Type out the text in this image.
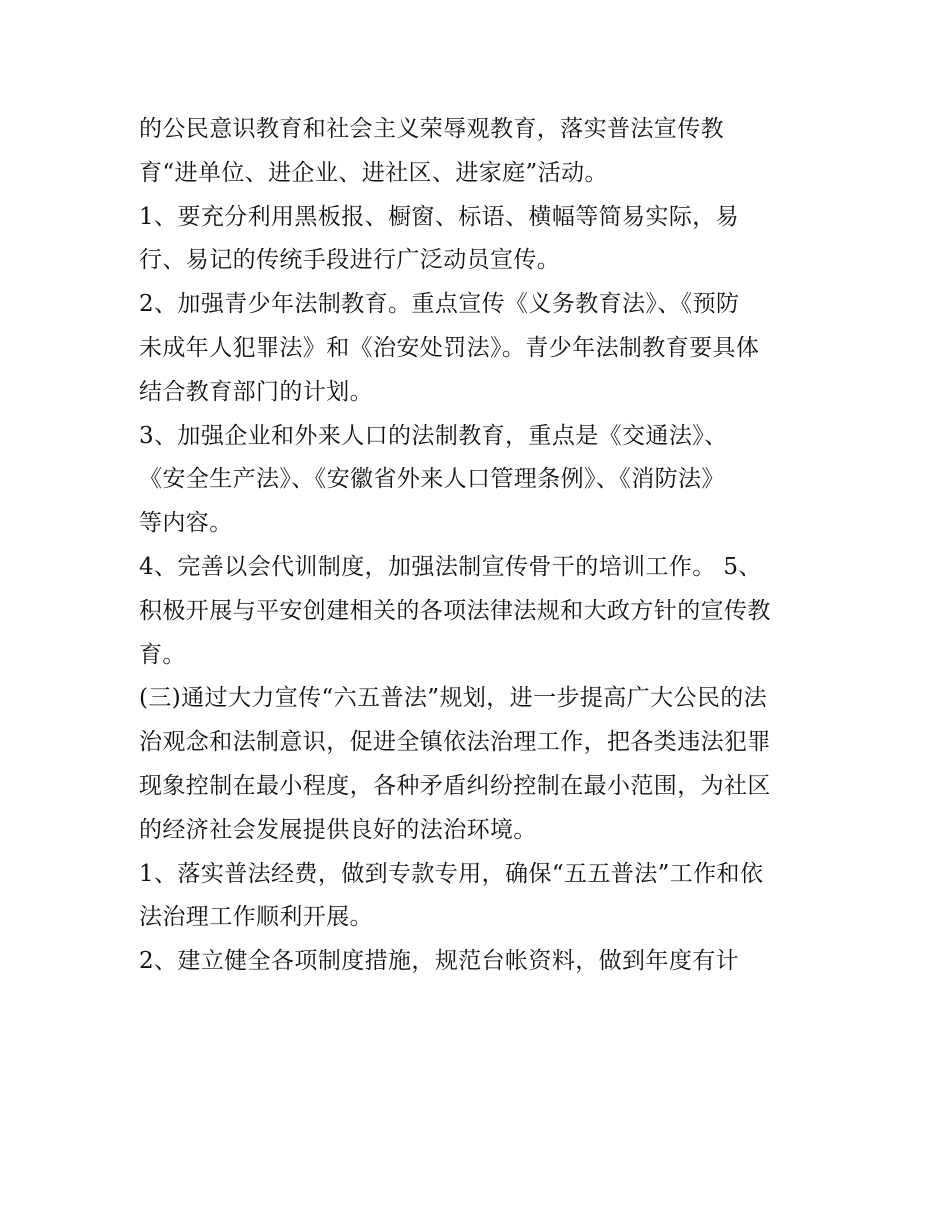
的公民意识教育和社会主义荣辱观教育，落实普法宣传教
育“进单位、进企业、进社区、进家庭”活动。
1、要充分利用黑板报、橱窗、标语、横幅等简易实际，易
行、易记的传统手段进行广泛动员宣传。
2、加强青少年法制教育。重点宣传《义务教育法》、《预防
未成年人犯罪法》和《治安处罚法》。青少年法制教育要具体
结合教育部门的计划。
3、加强企业和外来人口的法制教育，重点是《交通法》、
《安全生产法》、《安徽省外来人口管理条例》、《消防法》
等内容。
4、完善以会代训制度，加强法制宣传骨干的培训工作。 5、
积极开展与平安创建相关的各项法律法规和大政方针的宣传教
育。
(三)通过大力宣传“六五普法”规划，进一步提高广大公民的法
治观念和法制意识，促进全镇依法治理工作，把各类违法犯罪
现象控制在最小程度，各种矛盾纠纷控制在最小范围，为社区
的经济社会发展提供良好的法治环境。
1、落实普法经费，做到专款专用，确保“五五普法”工作和依
法治理工作顺利开展。
2、建立健全各项制度措施，规范台帐资料，做到年度有计
